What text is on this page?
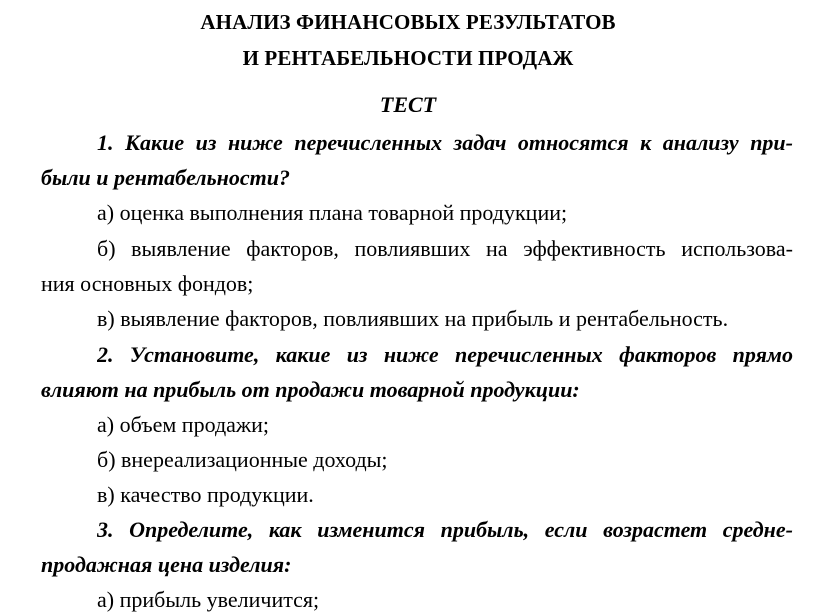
АНАЛИЗ ФИНАНСОВЫХ РЕЗУЛЬТАТОВ
И РЕНТАБЕЛЬНОСТИ ПРОДАЖ
ТЕСТ
1. Какие из ниже перечисленных задач относятся к анализу при-
были и рентабельности?
а) оценка выполнения плана товарной продукции;
б) выявление факторов, повлиявших на эффективность использова-
ния основных фондов;
в) выявление факторов, повлиявших на прибыль и рентабельность.
2. Установите, какие из ниже перечисленных факторов прямо
влияют на прибыль от продажи товарной продукции:
а) объем продажи;
б) внереализационные доходы;
в) качество продукции.
3. Определите, как изменится прибыль, если возрастет средне-
продажная цена изделия:
а) прибыль увеличится;
